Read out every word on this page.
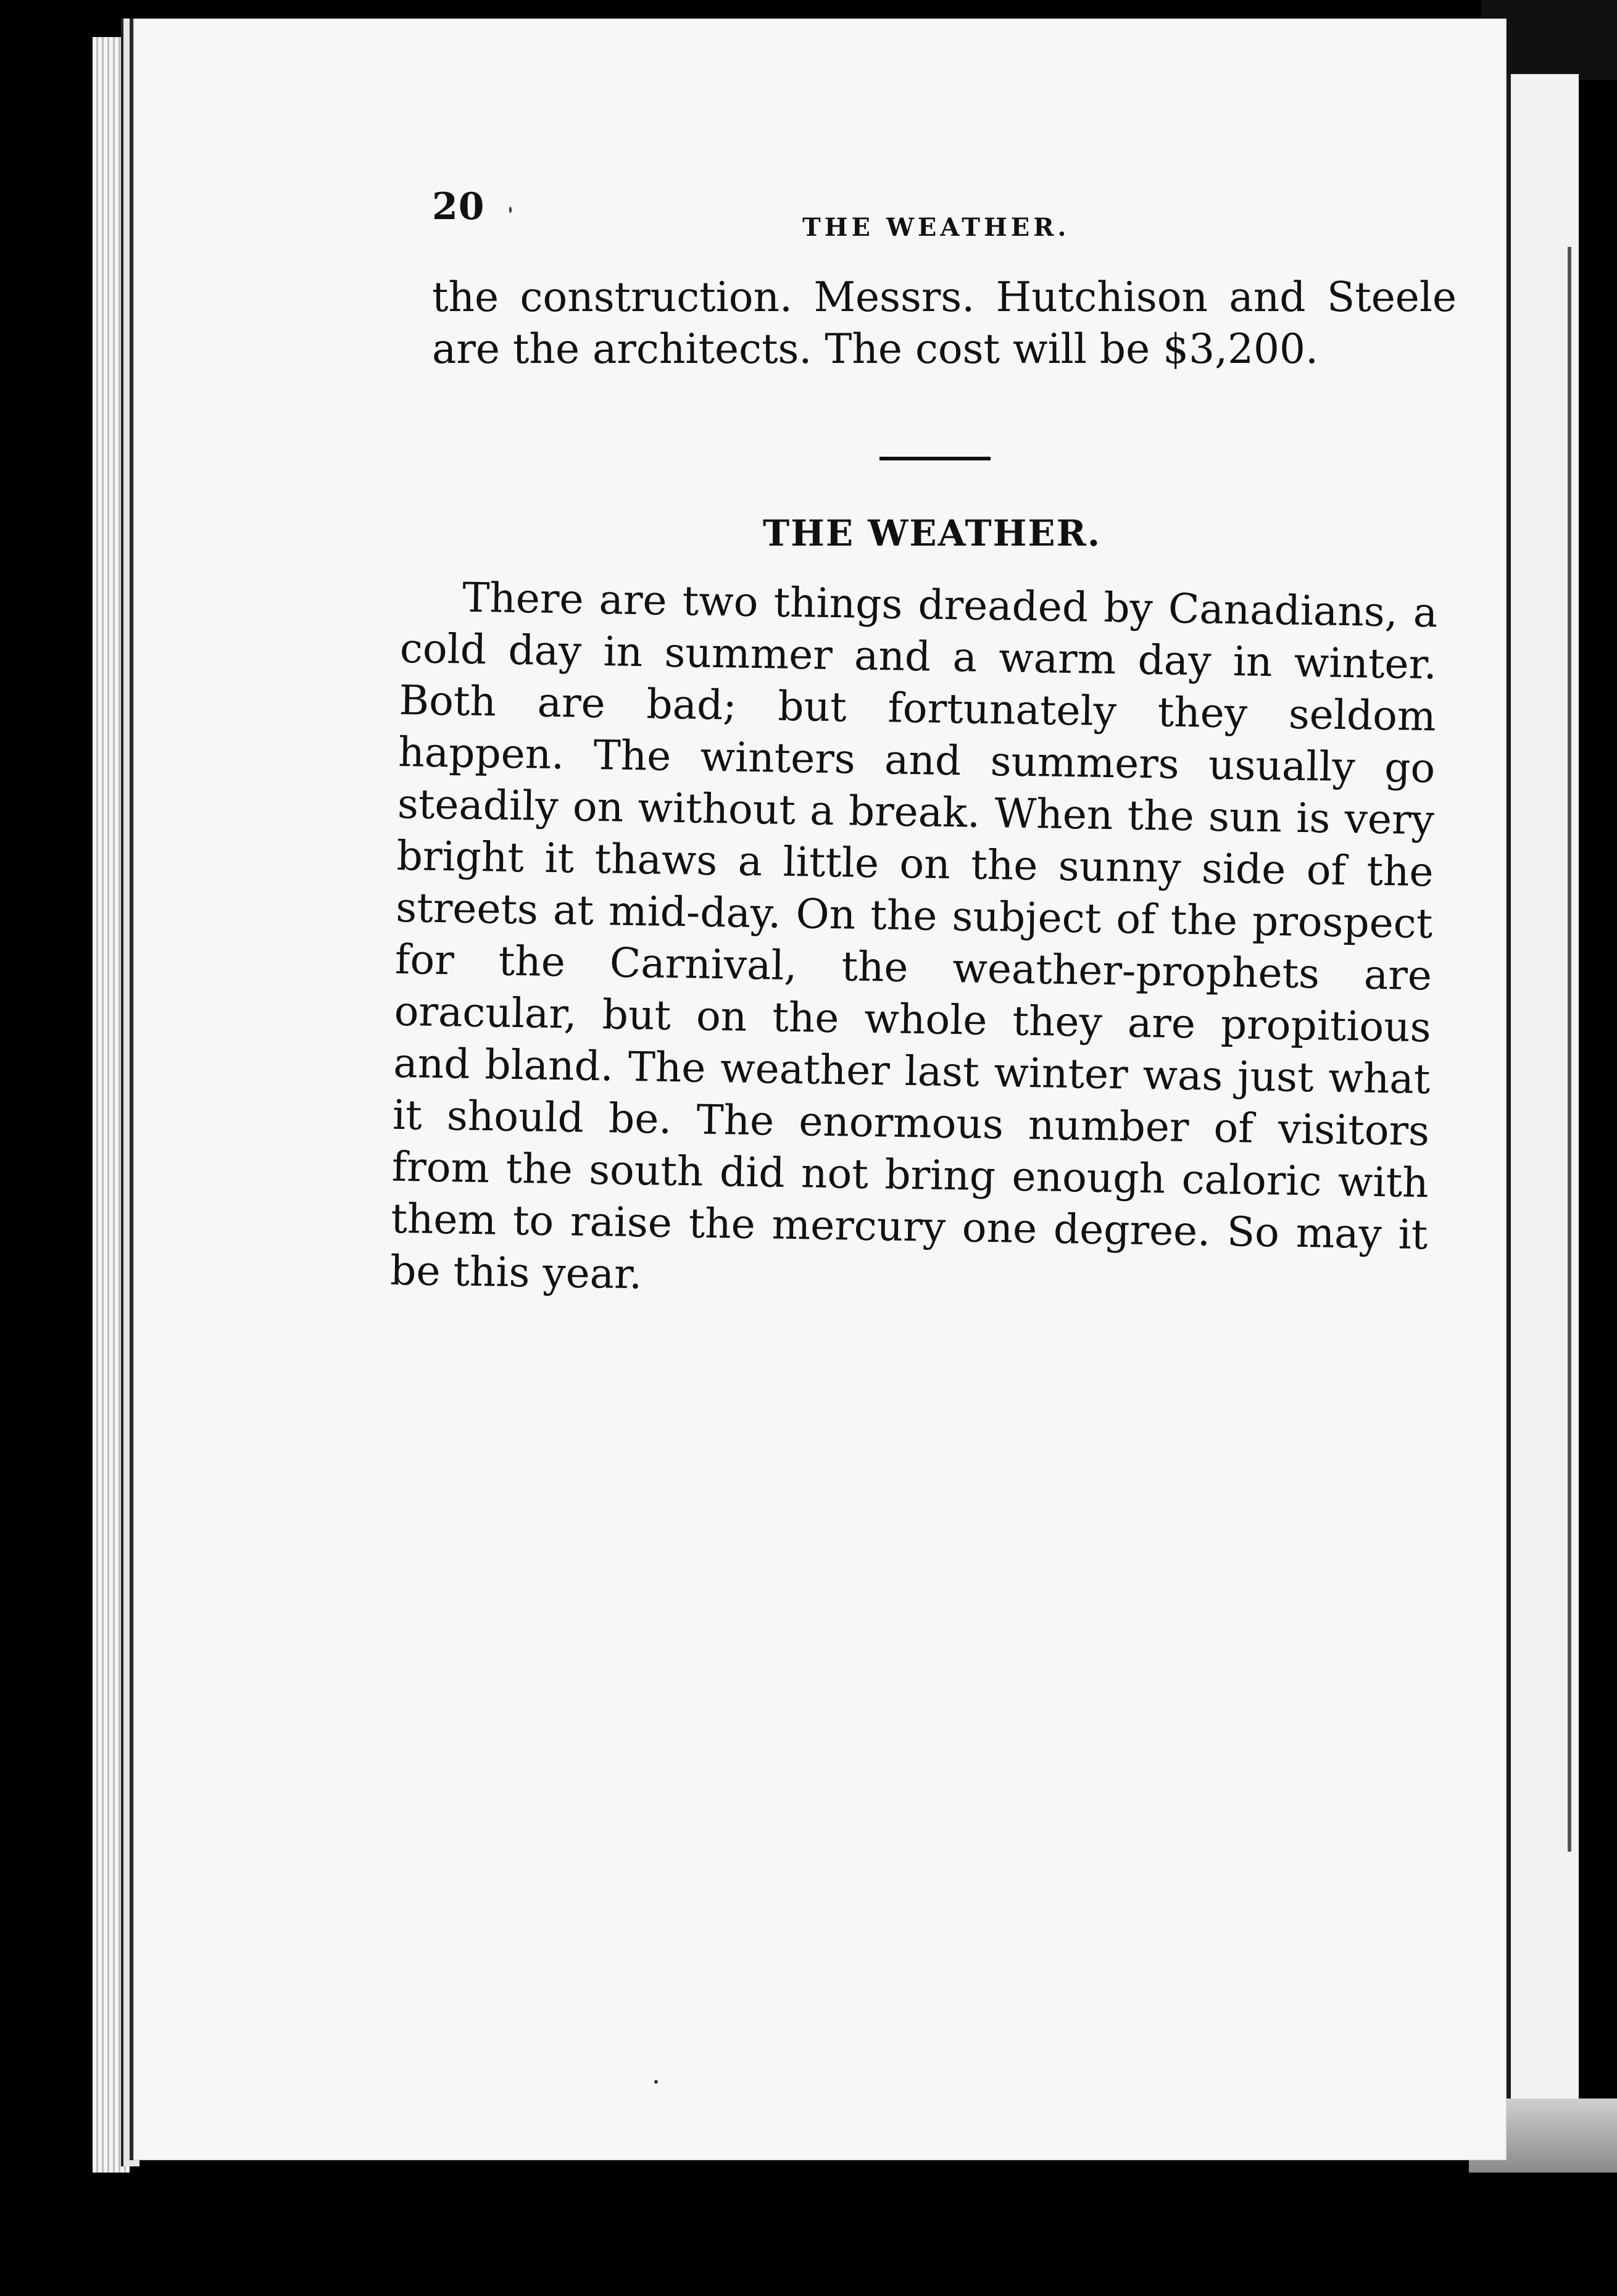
20	THE WEATHER.
the construction. Messrs. Hutchison and Steele are the architects. The cost will be $3,200.
THE WEATHER.
There are two things dreaded by Canadians, a cold day in summer and a warm day in winter. Both are bad; but fortunately they seldom happen. The winters and summers usually go steadily on without a break. When the sun is very bright it thaws a little on the sunny side of the streets at mid-day. On the subject of the prospect for the Carnival, the weather-prophets are oracular, but on the whole they are propitious and bland. The weather last winter was just what it should be. The enormous number of visitors from the south did not bring enough caloric with them to raise the mercury one degree. So may it be this year.
